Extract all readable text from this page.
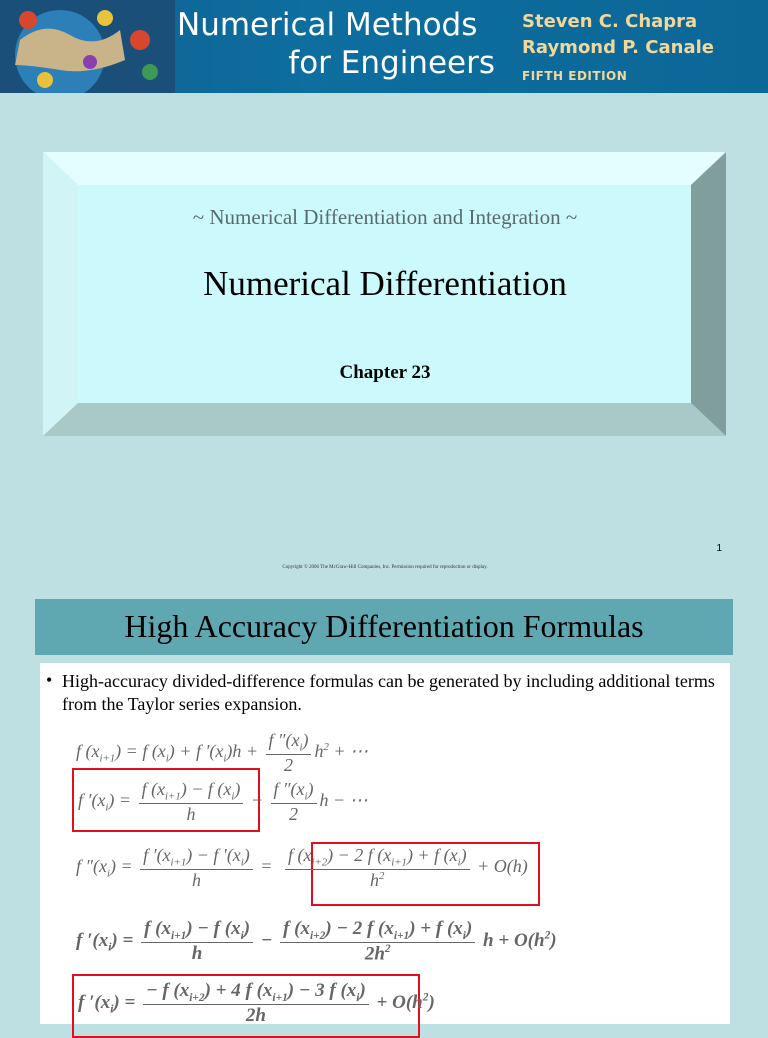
Numerical Methods
for Engineers
Steven C. Chapra
Raymond P. Canale
FIFTH EDITION
~ Numerical Differentiation and Integration ~
Numerical Differentiation
Chapter 23
1
Copyright © 2006 The McGraw-Hill Companies, Inc. Permission required for reproduction or display.
High Accuracy Differentiation Formulas
• High-accuracy divided-difference formulas can be generated by including additional terms from the Taylor series expansion.
f $(x_{i+1}) = f$ $(x_i) + f$ $'(x_i)h + \frac{f ''(x_i)}{2} h^2$ + ⋯
f $'(x_i) = \frac{f (x_{i+1}) - f (x_i)}{h} - \frac{f ''(x_i)}{2}$ h − ⋯
f $''(x_i) = \frac{f '(x_{i+1}) - f '(x_i)}{h} = \frac{f (x_{i+2}) - 2 f (x_{i+1}) + f (x_i)}{h^2} + O(h)$
f $'(x_i) = \frac{f (x_{i+1}) - f (x_i)}{h} - \frac{f (x_{i+2}) - 2 f (x_{i+1}) + f (x_i)}{2h^2}$ $h + O(h^2)$
f $'(x_i) = \frac{- f (x_{i+2}) + 4 f (x_{i+1}) - 3 f (x_i)}{2h} + O(h^2)$
